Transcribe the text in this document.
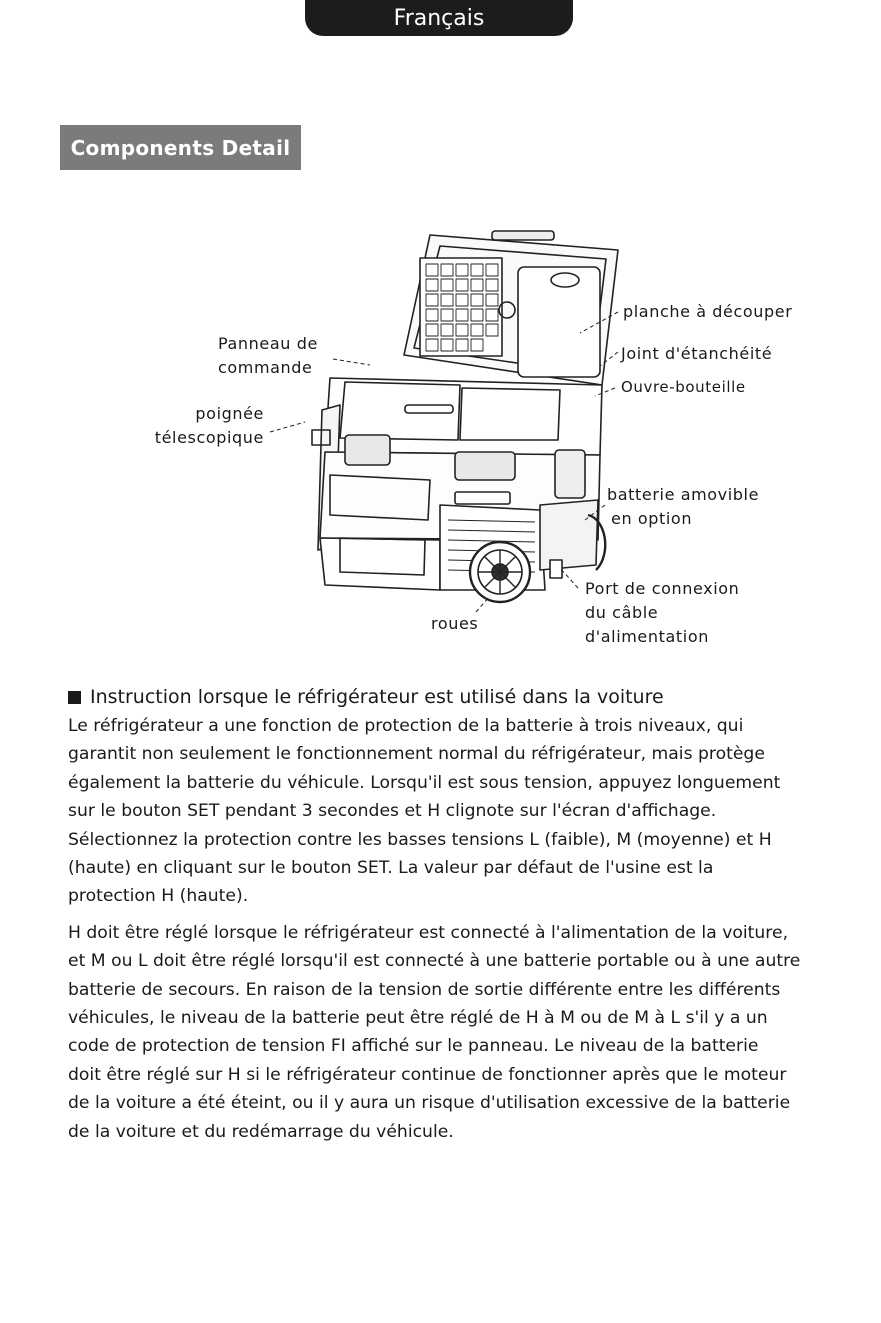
Français
Components Detail
planche à découper
Panneau de
commande
Joint d'étanchéité
Ouvre-bouteille
poignée
télescopique
batterie amovible
en option
Port de connexion
du câble
d'alimentation
roues
Instruction lorsque le réfrigérateur est utilisé dans la voiture

Le réfrigérateur a une fonction de protection de la batterie à trois niveaux, qui
garantit non seulement le fonctionnement normal du réfrigérateur, mais protège
également la batterie du véhicule. Lorsqu'il est sous tension, appuyez longuement
sur le bouton SET pendant 3 secondes et H clignote sur l'écran d'affichage.
Sélectionnez la protection contre les basses tensions L (faible), M (moyenne) et H
(haute) en cliquant sur le bouton SET. La valeur par défaut de l'usine est la
protection H (haute).

H doit être réglé lorsque le réfrigérateur est connecté à l'alimentation de la voiture,
et M ou L doit être réglé lorsqu'il est connecté à une batterie portable ou à une autre
batterie de secours. En raison de la tension de sortie différente entre les différents
véhicules, le niveau de la batterie peut être réglé de H à M ou de M à L s'il y a un
code de protection de tension FI affiché sur le panneau. Le niveau de la batterie
doit être réglé sur H si le réfrigérateur continue de fonctionner après que le moteur
de la voiture a été éteint, ou il y aura un risque d'utilisation excessive de la batterie
de la voiture et du redémarrage du véhicule.
